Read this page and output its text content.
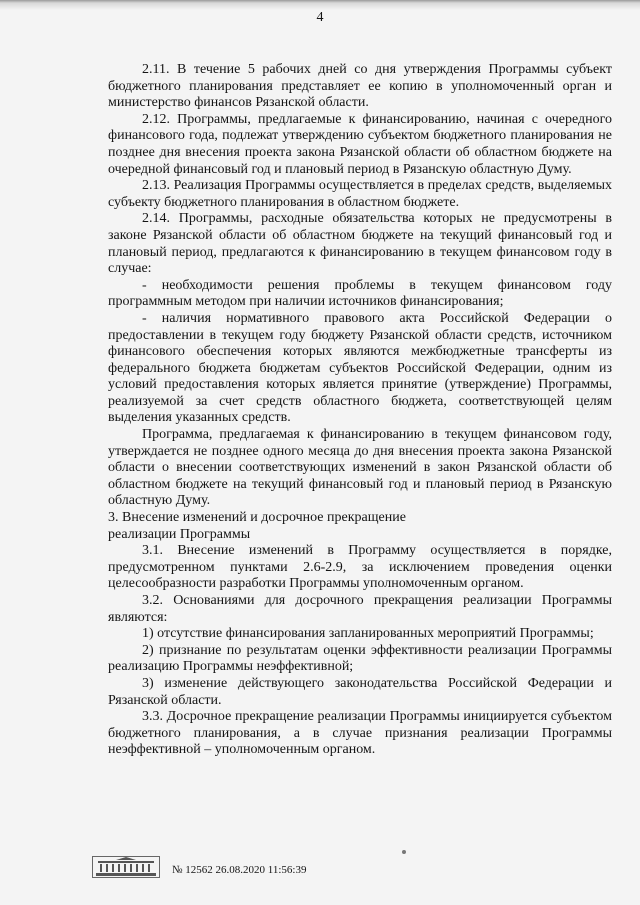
4

2.11. В течение 5 рабочих дней со дня утверждения Программы субъект бюджетного планирования представляет ее копию в уполномоченный орган и министерство финансов Рязанской области.

2.12. Программы, предлагаемые к финансированию, начиная с очередного финансового года, подлежат утверждению субъектом бюджетного планирования не позднее дня внесения проекта закона Рязанской области об областном бюджете на очередной финансовый год и плановый период в Рязанскую областную Думу.

2.13. Реализация Программы осуществляется в пределах средств, выделяемых субъекту бюджетного планирования в областном бюджете.

2.14. Программы, расходные обязательства которых не предусмотрены в законе Рязанской области об областном бюджете на текущий финансовый год и плановый период, предлагаются к финансированию в текущем финансовом году в случае:

- необходимости решения проблемы в текущем финансовом году программным методом при наличии источников финансирования;

- наличия нормативного правового акта Российской Федерации о предоставлении в текущем году бюджету Рязанской области средств, источником финансового обеспечения которых являются межбюджетные трансферты из федерального бюджета бюджетам субъектов Российской Федерации, одним из условий предоставления которых является принятие (утверждение) Программы, реализуемой за счет средств областного бюджета, соответствующей целям выделения указанных средств.

Программа, предлагаемая к финансированию в текущем финансовом году, утверждается не позднее одного месяца до дня внесения проекта закона Рязанской области о внесении соответствующих изменений в закон Рязанской области об областном бюджете на текущий финансовый год и плановый период в Рязанскую областную Думу.

3. Внесение изменений и досрочное прекращение
реализации Программы

3.1. Внесение изменений в Программу осуществляется в порядке, предусмотренном пунктами 2.6-2.9, за исключением проведения оценки целесообразности разработки Программы уполномоченным органом.

3.2. Основаниями для досрочного прекращения реализации Программы являются:

1) отсутствие финансирования запланированных мероприятий Программы;

2) признание по результатам оценки эффективности реализации Программы реализацию Программы неэффективной;

3) изменение действующего законодательства Российской Федерации и Рязанской области.

3.3. Досрочное прекращение реализации Программы инициируется субъектом бюджетного планирования, а в случае признания реализации Программы неэффективной – уполномоченным органом.

№ 12562 26.08.2020 11:56:39
